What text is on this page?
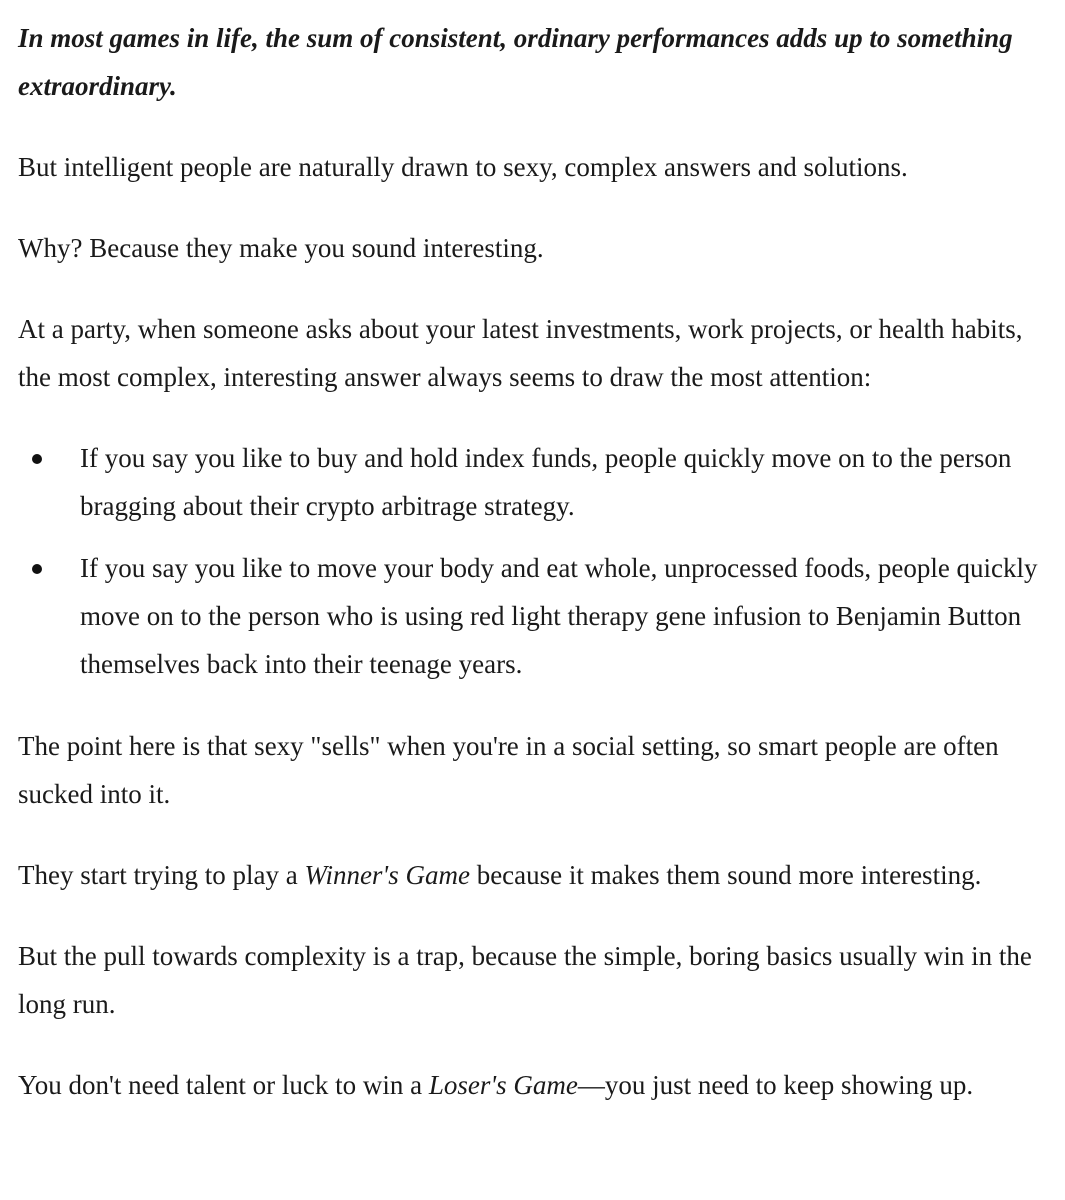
In most games in life, the sum of consistent, ordinary performances adds up to something extraordinary.

But intelligent people are naturally drawn to sexy, complex answers and solutions.

Why? Because they make you sound interesting.

At a party, when someone asks about your latest investments, work projects, or health habits, the most complex, interesting answer always seems to draw the most attention:

If you say you like to buy and hold index funds, people quickly move on to the person bragging about their crypto arbitrage strategy.
If you say you like to move your body and eat whole, unprocessed foods, people quickly move on to the person who is using red light therapy gene infusion to Benjamin Button themselves back into their teenage years.

The point here is that sexy "sells" when you're in a social setting, so smart people are often sucked into it.

They start trying to play a Winner's Game because it makes them sound more interesting.

But the pull towards complexity is a trap, because the simple, boring basics usually win in the long run.

You don't need talent or luck to win a Loser's Game—you just need to keep showing up.
